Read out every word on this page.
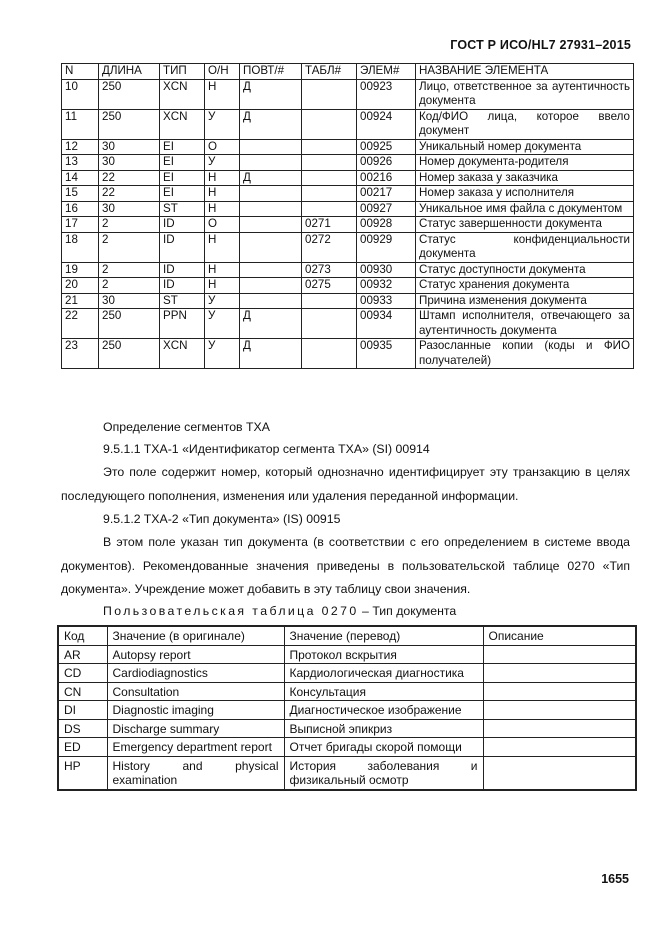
ГОСТ Р ИСО/HL7 27931–2015
N	ДЛИНА	ТИП	О/Н	ПОВТ/#	ТАБЛ#	ЭЛЕМ#	НАЗВАНИЕ ЭЛЕМЕНТА
10	250	XCN	Н	Д		00923	Лицо, ответственное за аутентичность документа
11	250	XCN	У	Д		00924	Код/ФИО лица, которое ввело документ
12	30	EI	О			00925	Уникальный номер документа
13	30	EI	У			00926	Номер документа-родителя
14	22	EI	Н	Д		00216	Номер заказа у заказчика
15	22	EI	Н			00217	Номер заказа у исполнителя
16	30	ST	Н			00927	Уникальное имя файла с документом
17	2	ID	О		0271	00928	Статус завершенности документа
18	2	ID	Н		0272	00929	Статус конфиденциальности документа
19	2	ID	Н		0273	00930	Статус доступности документа
20	2	ID	Н		0275	00932	Статус хранения документа
21	30	ST	У			00933	Причина изменения документа
22	250	PPN	У	Д		00934	Штамп исполнителя, отвечающего за аутентичность документа
23	250	XCN	У	Д		00935	Разосланные копии (коды и ФИО получателей)
Определение сегментов TXA
9.5.1.1 TXA-1 «Идентификатор сегмента TXA» (SI) 00914
Это поле содержит номер, который однозначно идентифицирует эту транзакцию в целях последующего пополнения, изменения или удаления переданной информации.
9.5.1.2 TXA-2 «Тип документа» (IS) 00915
В этом поле указан тип документа (в соответствии с его определением в системе ввода документов). Рекомендованные значения приведены в пользовательской таблице 0270 «Тип документа». Учреждение может добавить в эту таблицу свои значения.
Пользовательская таблица 0270 – Тип документа
Код	Значение (в оригинале)	Значение (перевод)	Описание
AR	Autopsy report	Протокол вскрытия	
CD	Cardiodiagnostics	Кардиологическая диагностика	
CN	Consultation	Консультация	
DI	Diagnostic imaging	Диагностическое изображение	
DS	Discharge summary	Выписной эпикриз	
ED	Emergency department report	Отчет бригады скорой помощи	
HP	History and physical examination	История заболевания и физикальный осмотр	
1655
